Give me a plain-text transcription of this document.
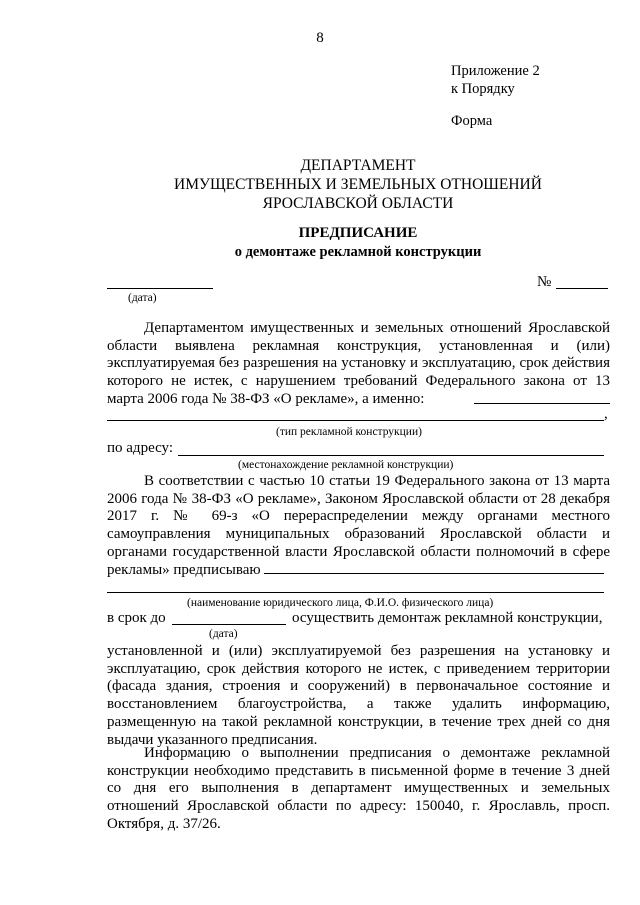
8
Приложение 2
к Порядку
Форма
ДЕПАРТАМЕНТ
ИМУЩЕСТВЕННЫХ И ЗЕМЕЛЬНЫХ ОТНОШЕНИЙ
ЯРОСЛАВСКОЙ ОБЛАСТИ
ПРЕДПИСАНИЕ
о демонтаже рекламной конструкции
(дата)
№
Департаментом имущественных и земельных отношений Ярославской области выявлена рекламная конструкция, установленная и (или) эксплуатируемая без разрешения на установку и эксплуатацию, срок действия которого не истек, с нарушением требований Федерального закона от 13 марта 2006 года № 38-ФЗ «О рекламе», а именно:
,
(тип рекламной конструкции)
по адресу:
(местонахождение рекламной конструкции)
В соответствии с частью 10 статьи 19 Федерального закона от 13 марта 2006 года № 38-ФЗ «О рекламе», Законом Ярославской области от 28 декабря 2017 г. № 69-з «О перераспределении между органами местного самоуправления муниципальных образований Ярославской области и органами государственной власти Ярославской области полномочий в сфере рекламы» предписываю
(наименование юридического лица, Ф.И.О. физического лица)
в срок до	осуществить демонтаж рекламной конструкции,
(дата)
установленной и (или) эксплуатируемой без разрешения на установку и эксплуатацию, срок действия которого не истек, с приведением территории (фасада здания, строения и сооружений) в первоначальное состояние и восстановлением благоустройства, а также удалить информацию, размещенную на такой рекламной конструкции, в течение трех дней со дня выдачи указанного предписания.
Информацию о выполнении предписания о демонтаже рекламной конструкции необходимо представить в письменной форме в течение 3 дней со дня его выполнения в департамент имущественных и земельных отношений Ярославской области по адресу: 150040, г. Ярославль, просп. Октября, д. 37/26.
